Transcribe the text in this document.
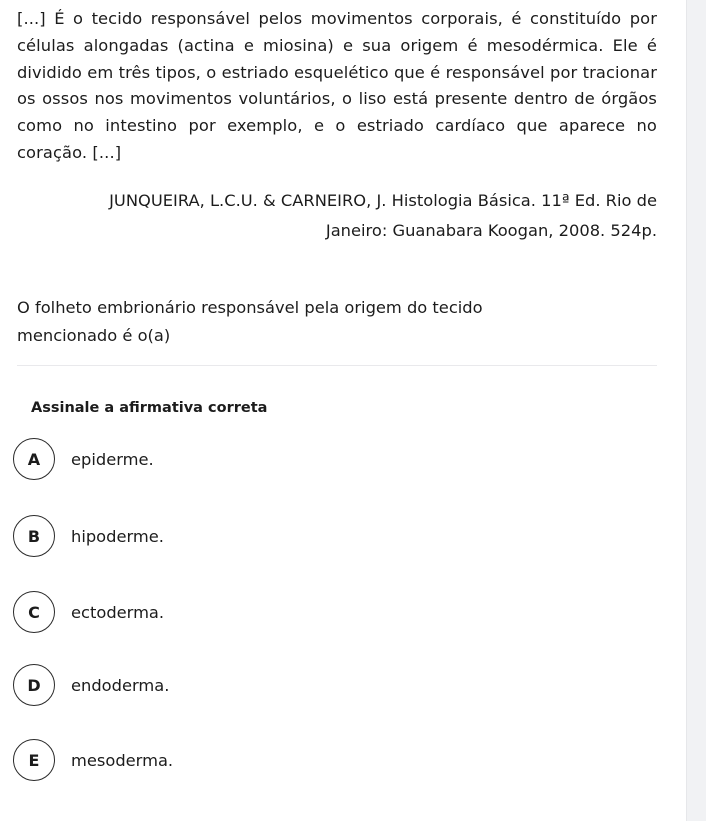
[...] É o tecido responsável pelos movimentos corporais, é constituído por células alongadas (actina e miosina) e sua origem é mesodérmica. Ele é dividido em três tipos, o estriado esquelético que é responsável por tracionar os ossos nos movimentos voluntários, o liso está presente dentro de órgãos como no intestino por exemplo, e o estriado cardíaco que aparece no coração. [...]

JUNQUEIRA, L.C.U. & CARNEIRO, J. Histologia Básica. 11ª Ed. Rio de
Janeiro: Guanabara Koogan, 2008. 524p.

O folheto embrionário responsável pela origem do tecido mencionado é o(a)

Assinale a afirmativa correta
A	epiderme.
B	hipoderme.
C	ectoderma.
D	endoderma.
E	mesoderma.
